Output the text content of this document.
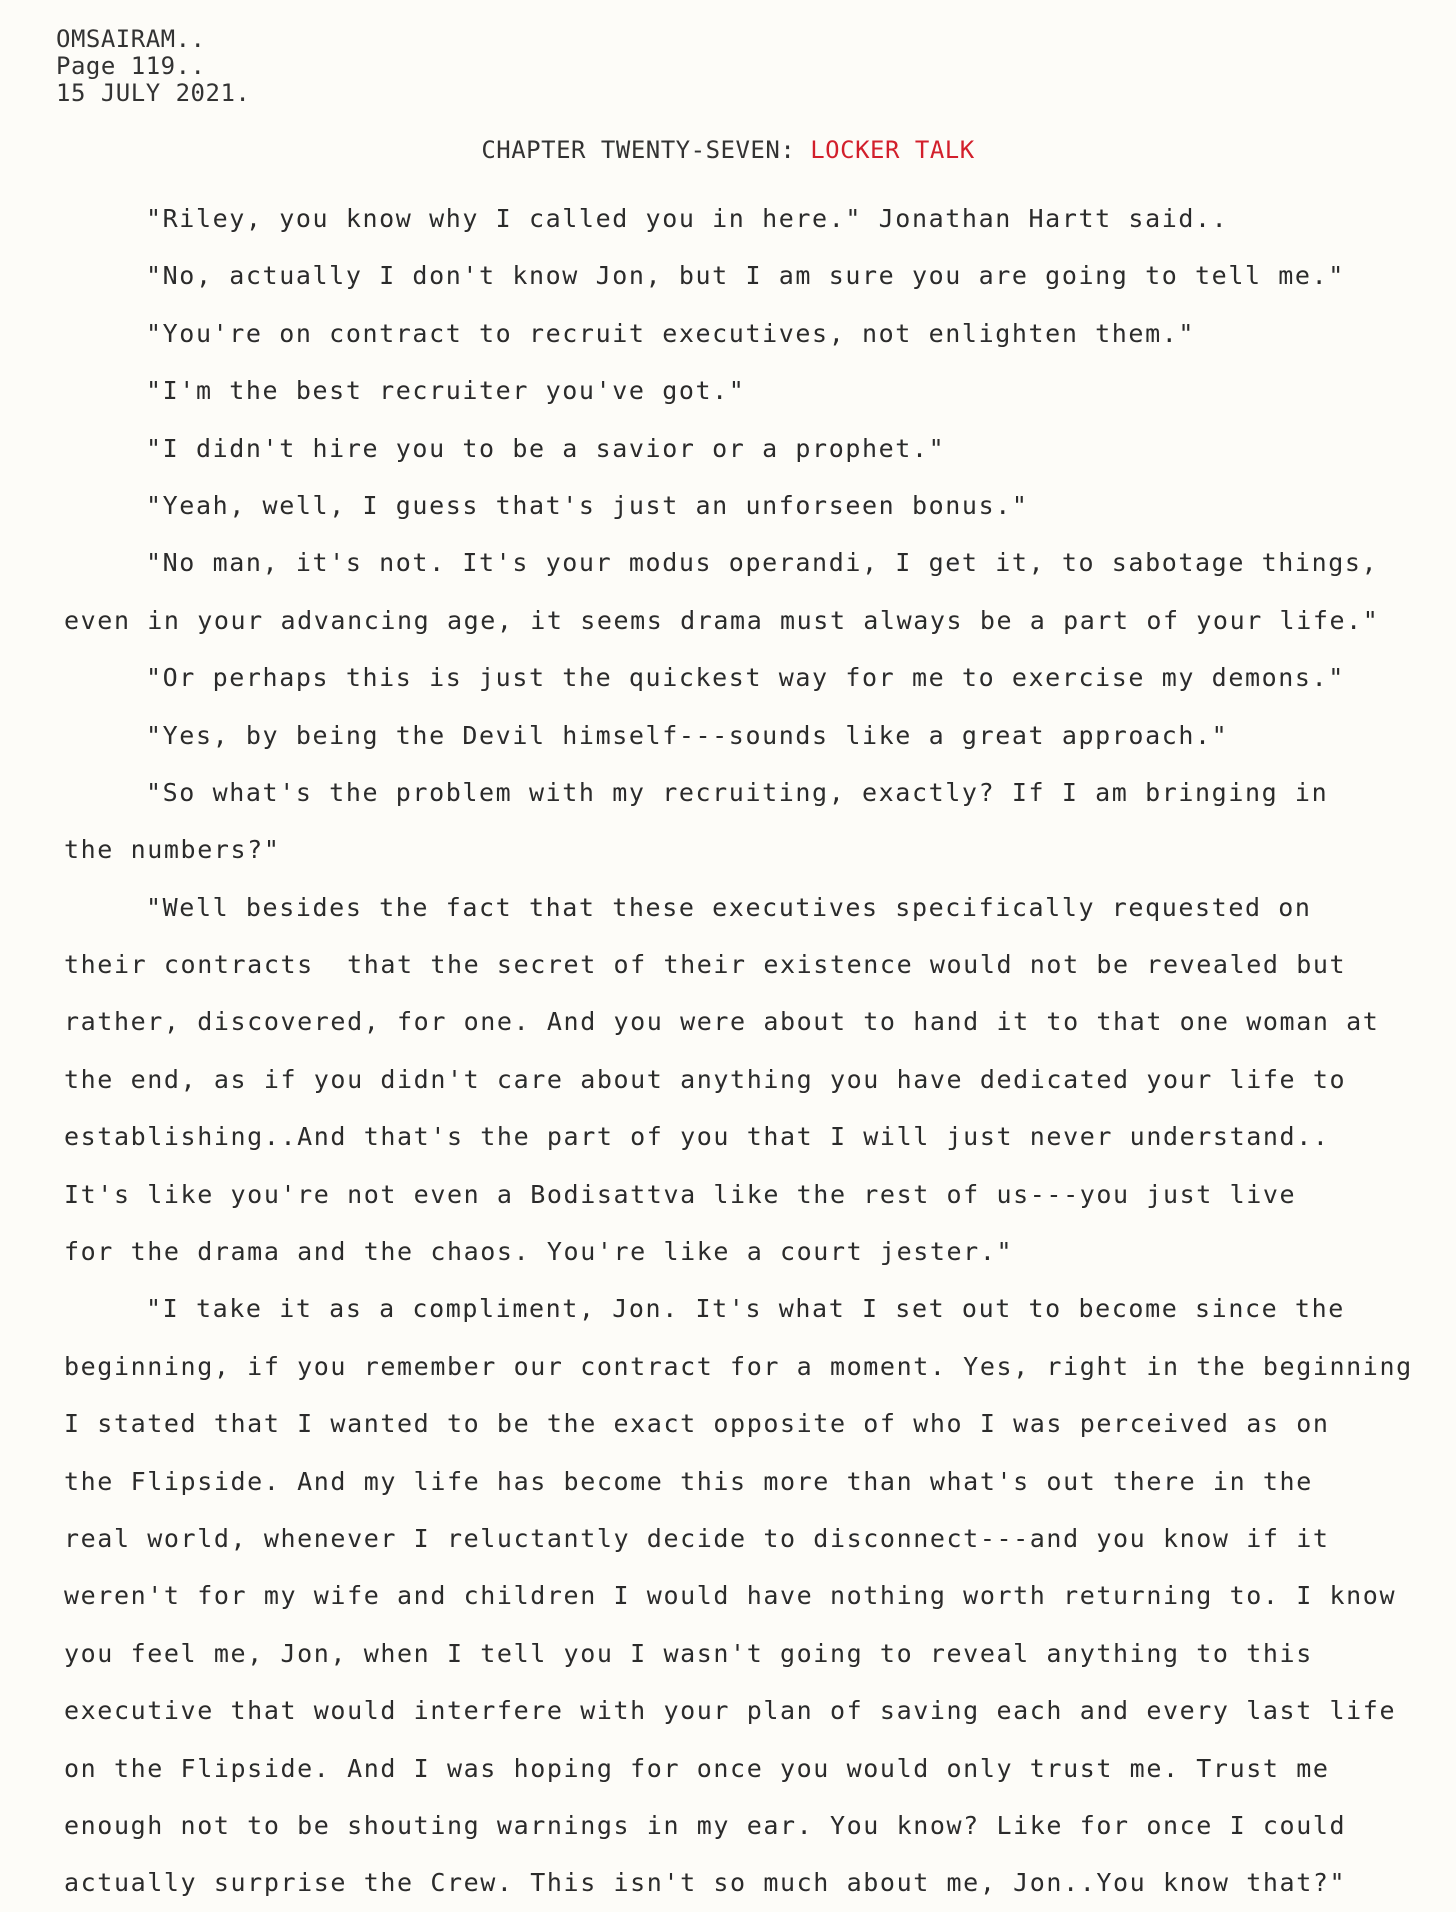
OMSAIRAM..
Page 119..
15 JULY 2021.
CHAPTER TWENTY-SEVEN: LOCKER TALK
"Riley, you know why I called you in here." Jonathan Hartt said..
"No, actually I don't know Jon, but I am sure you are going to tell me."
"You're on contract to recruit executives, not enlighten them."
"I'm the best recruiter you've got."
"I didn't hire you to be a savior or a prophet."
"Yeah, well, I guess that's just an unforseen bonus."
"No man, it's not. It's your modus operandi, I get it, to sabotage things,
even in your advancing age, it seems drama must always be a part of your life."
"Or perhaps this is just the quickest way for me to exercise my demons."
"Yes, by being the Devil himself---sounds like a great approach."
"So what's the problem with my recruiting, exactly? If I am bringing in
the numbers?"
"Well besides the fact that these executives specifically requested on
their contracts  that the secret of their existence would not be revealed but
rather, discovered, for one. And you were about to hand it to that one woman at
the end, as if you didn't care about anything you have dedicated your life to
establishing..And that's the part of you that I will just never understand..
It's like you're not even a Bodisattva like the rest of us---you just live
for the drama and the chaos. You're like a court jester."
"I take it as a compliment, Jon. It's what I set out to become since the
beginning, if you remember our contract for a moment. Yes, right in the beginning
I stated that I wanted to be the exact opposite of who I was perceived as on
the Flipside. And my life has become this more than what's out there in the
real world, whenever I reluctantly decide to disconnect---and you know if it
weren't for my wife and children I would have nothing worth returning to. I know
you feel me, Jon, when I tell you I wasn't going to reveal anything to this
executive that would interfere with your plan of saving each and every last life
on the Flipside. And I was hoping for once you would only trust me. Trust me
enough not to be shouting warnings in my ear. You know? Like for once I could
actually surprise the Crew. This isn't so much about me, Jon..You know that?"
